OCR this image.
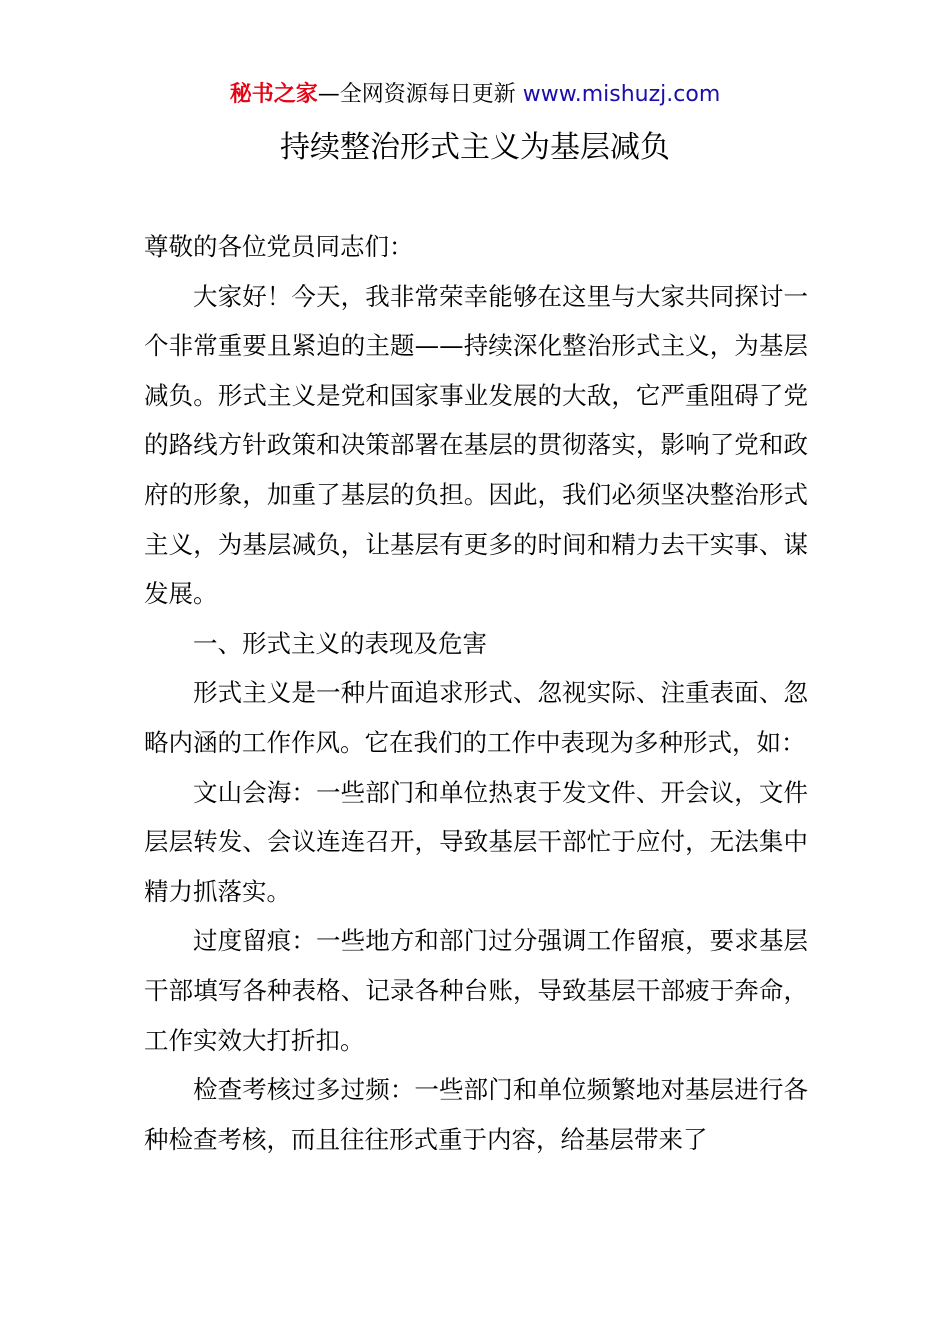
秘书之家—全网资源每日更新 www.mishuzj.com
持续整治形式主义为基层减负

尊敬的各位党员同志们：

大家好！今天，我非常荣幸能够在这里与大家共同探讨一个非常重要且紧迫的主题——持续深化整治形式主义，为基层减负。形式主义是党和国家事业发展的大敌，它严重阻碍了党的路线方针政策和决策部署在基层的贯彻落实，影响了党和政府的形象，加重了基层的负担。因此，我们必须坚决整治形式主义，为基层减负，让基层有更多的时间和精力去干实事、谋发展。

一、形式主义的表现及危害

形式主义是一种片面追求形式、忽视实际、注重表面、忽略内涵的工作作风。它在我们的工作中表现为多种形式，如：

文山会海：一些部门和单位热衷于发文件、开会议，文件层层转发、会议连连召开，导致基层干部忙于应付，无法集中精力抓落实。

过度留痕：一些地方和部门过分强调工作留痕，要求基层干部填写各种表格、记录各种台账，导致基层干部疲于奔命，工作实效大打折扣。

检查考核过多过频：一些部门和单位频繁地对基层进行各种检查考核，而且往往形式重于内容，给基层带来了
